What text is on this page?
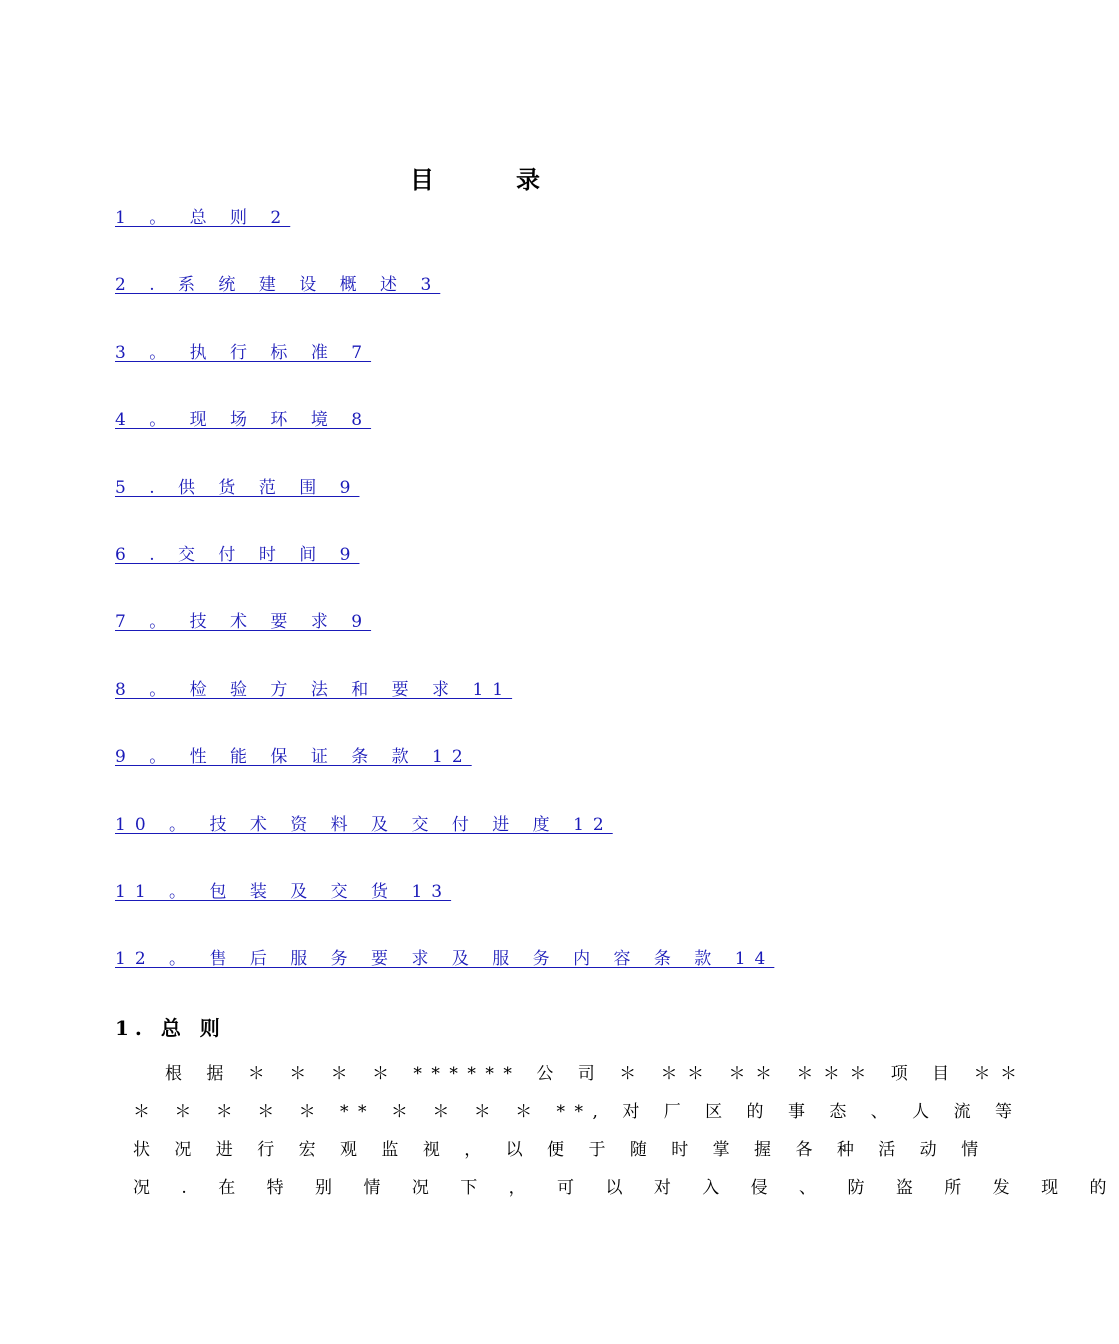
目	录
1 。 总 则 2
2 . 系 统 建 设 概 述 3
3 。 执 行 标 准 7
4 。 现 场 环 境 8
5 . 供 货 范 围 9
6 . 交 付 时 间 9
7 。 技 术 要 求 9
8 。 检 验 方 法 和 要 求 11
9 。 性 能 保 证 条 款 12
10 。 技 术 资 料 及 交 付 进 度 12
11 。 包 装 及 交 货 13
12 。 售 后 服 务 要 求 及 服 务 内 容 条 款 14
1. 总 则
根 据 ＊ ＊ ＊ ＊ ****** 公 司 ＊ ＊＊ ＊＊ ＊＊＊ 项 目 ＊＊
＊ ＊ ＊ ＊ ＊ ** ＊ ＊ ＊ ＊ **, 对 厂 区 的 事 态 、 人 流 等
状 况 进 行 宏 观 监 视 ， 以 便 于 随 时 掌 握 各 种 活 动 情
况 . 在 特 别 情 况 下 ， 可 以 对 入 侵 、 防 盗 所 发 现 的
